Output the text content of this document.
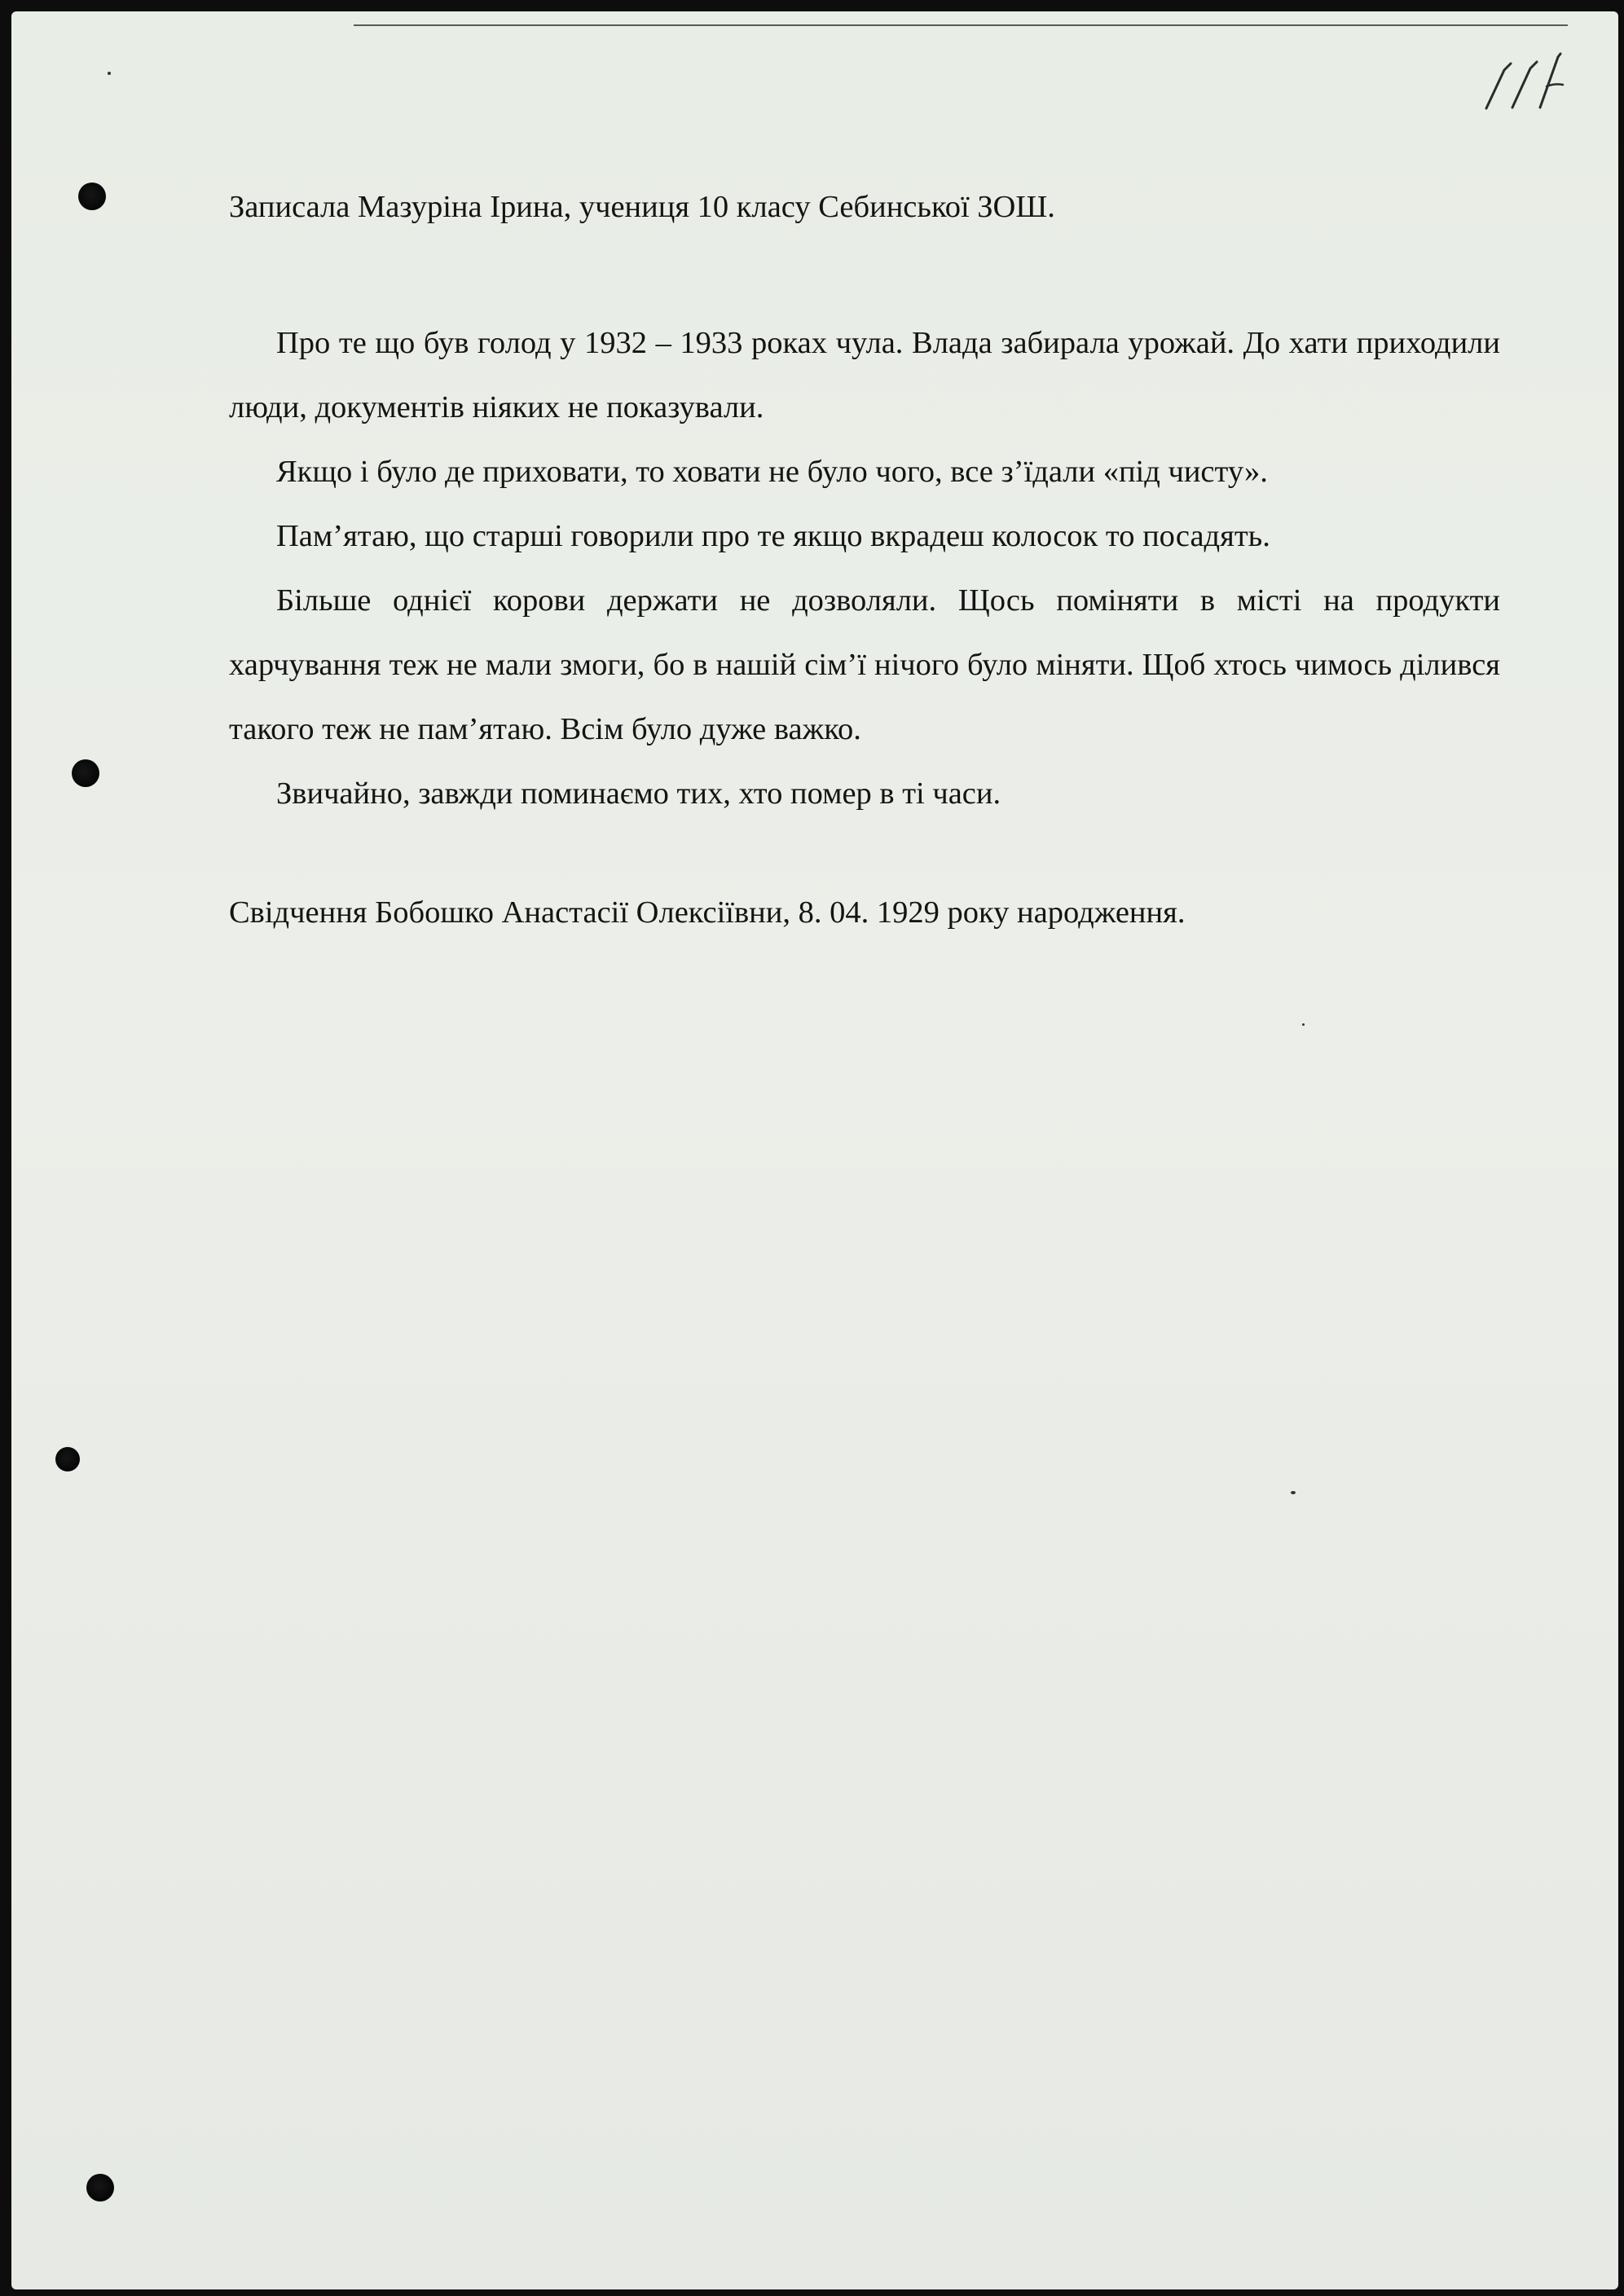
Записала Мазуріна Ірина, учениця 10 класу Себинської ЗОШ.

Про те що був голод у 1932 – 1933 роках чула. Влада забирала урожай. До хати приходили люди, документів ніяких не показували.

Якщо і було де приховати, то ховати не було чого, все з’їдали «під чисту».

Пам’ятаю, що старші говорили про те якщо вкрадеш колосок то посадять.

Більше однієї корови держати не дозволяли. Щось поміняти в місті на продукти харчування теж не мали змоги, бо в нашій сім’ї нічого було міняти. Щоб хтось чимось ділився такого теж не пам’ятаю. Всім було дуже важко.

Звичайно, завжди поминаємо тих, хто помер в ті часи.

Свідчення Бобошко Анастасії Олексіївни, 8. 04. 1929 року народження.
